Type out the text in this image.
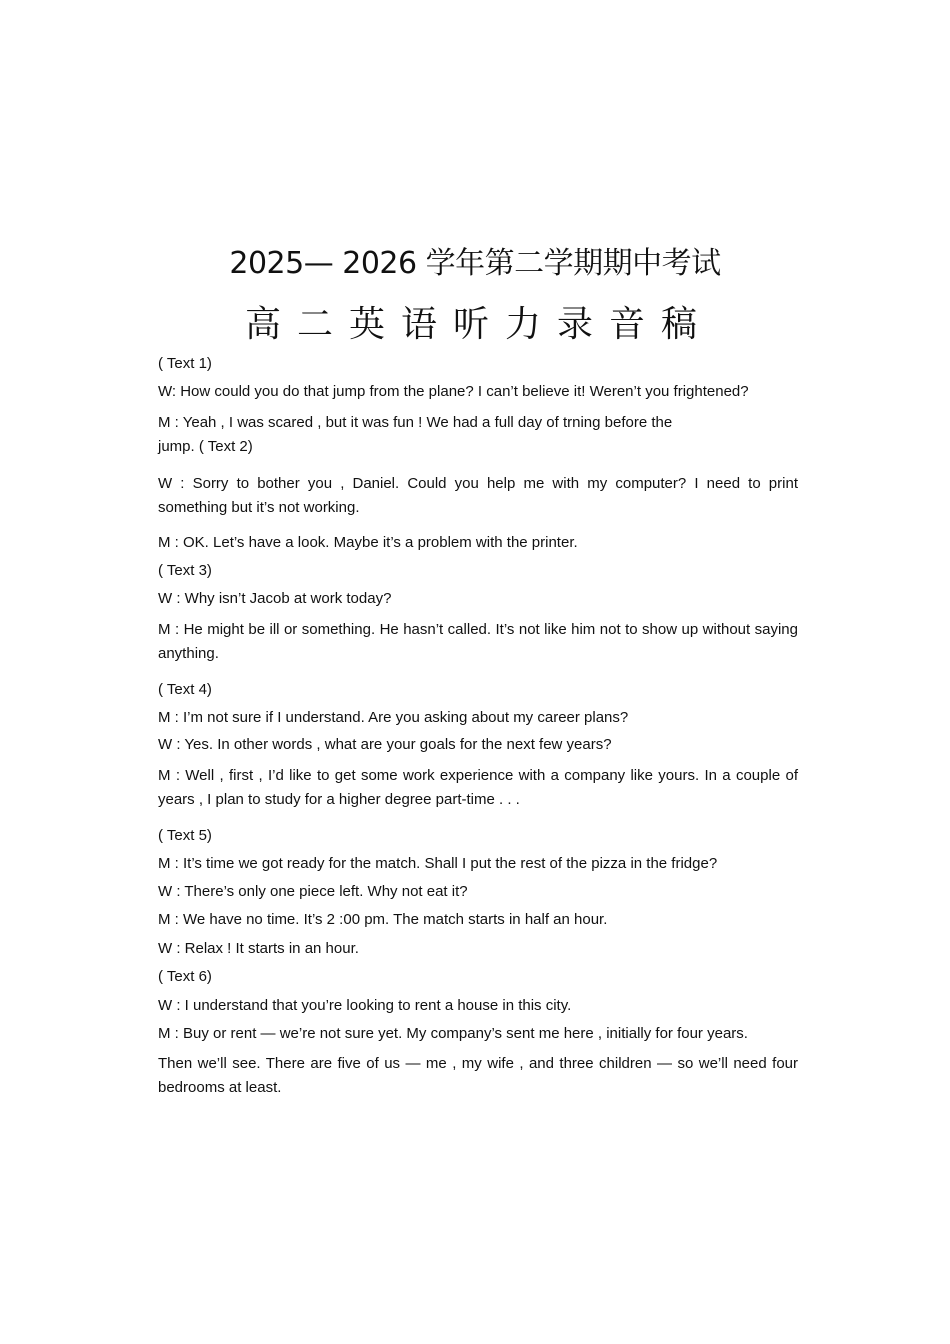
2025— 2026 学年第二学期期中考试
高二英语听力录音稿

( Text 1)

W: How could you do that jump from the plane? I can’t believe it! Weren’t you frightened?

M : Yeah , I was scared , but it was fun ! We had a full day of trning before the

jump. ( Text 2)

W : Sorry to bother you , Daniel. Could you help me with my computer? I need to print something but it’s not working.

M : OK. Let’s have a look. Maybe it’s a problem with the printer.

( Text 3)

W : Why isn’t Jacob at work today?

M : He might be ill or something. He hasn’t called. It’s not like him not to show up without saying anything.

( Text 4)

M : I’m not sure if I understand. Are you asking about my career plans?

W : Yes. In other words , what are your goals for the next few years?

M : Well , first , I’d like to get some work experience with a company like yours. In a couple of years , I plan to study for a higher degree part-time . . .

( Text 5)

M : It’s time we got ready for the match. Shall I put the rest of the pizza in the fridge?

W : There’s only one piece left. Why not eat it?

M : We have no time. It’s 2 :00 pm. The match starts in half an hour.

W : Relax ! It starts in an hour.

( Text 6)

W : I understand that you’re looking to rent a house in this city.

M : Buy or rent — we’re not sure yet. My company’s sent me here , initially for four years.

Then we’ll see. There are five of us — me , my wife , and three children — so we’ll need four bedrooms at least.
